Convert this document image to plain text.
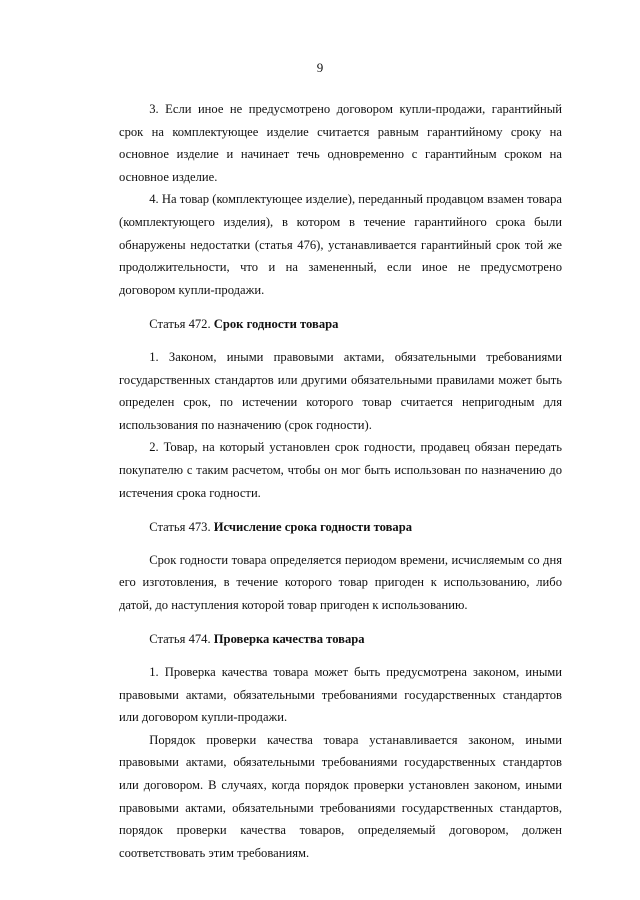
9

3. Если иное не предусмотрено договором купли-продажи, гарантийный срок на комплектующее изделие считается равным гарантийному сроку на основное изделие и начинает течь одновременно с гарантийным сроком на основное изделие.

4. На товар (комплектующее изделие), переданный продавцом взамен товара (комплектующего изделия), в котором в течение гарантийного срока были обнаружены недостатки (статья 476), устанавливается гарантийный срок той же продолжительности, что и на замененный, если иное не предусмотрено договором купли-продажи.

Статья 472. Срок годности товара

1. Законом, иными правовыми актами, обязательными требованиями государственных стандартов или другими обязательными правилами может быть определен срок, по истечении которого товар считается непригодным для использования по назначению (срок годности).

2. Товар, на который установлен срок годности, продавец обязан передать покупателю с таким расчетом, чтобы он мог быть использован по назначению до истечения срока годности.

Статья 473. Исчисление срока годности товара

Срок годности товара определяется периодом времени, исчисляемым со дня его изготовления, в течение которого товар пригоден к использованию, либо датой, до наступления которой товар пригоден к использованию.

Статья 474. Проверка качества товара

1. Проверка качества товара может быть предусмотрена законом, иными правовыми актами, обязательными требованиями государственных стандартов или договором купли-продажи.

Порядок проверки качества товара устанавливается законом, иными правовыми актами, обязательными требованиями государственных стандартов или договором. В случаях, когда порядок проверки установлен законом, иными правовыми актами, обязательными требованиями государственных стандартов, порядок проверки качества товаров, определяемый договором, должен соответствовать этим требованиям.
